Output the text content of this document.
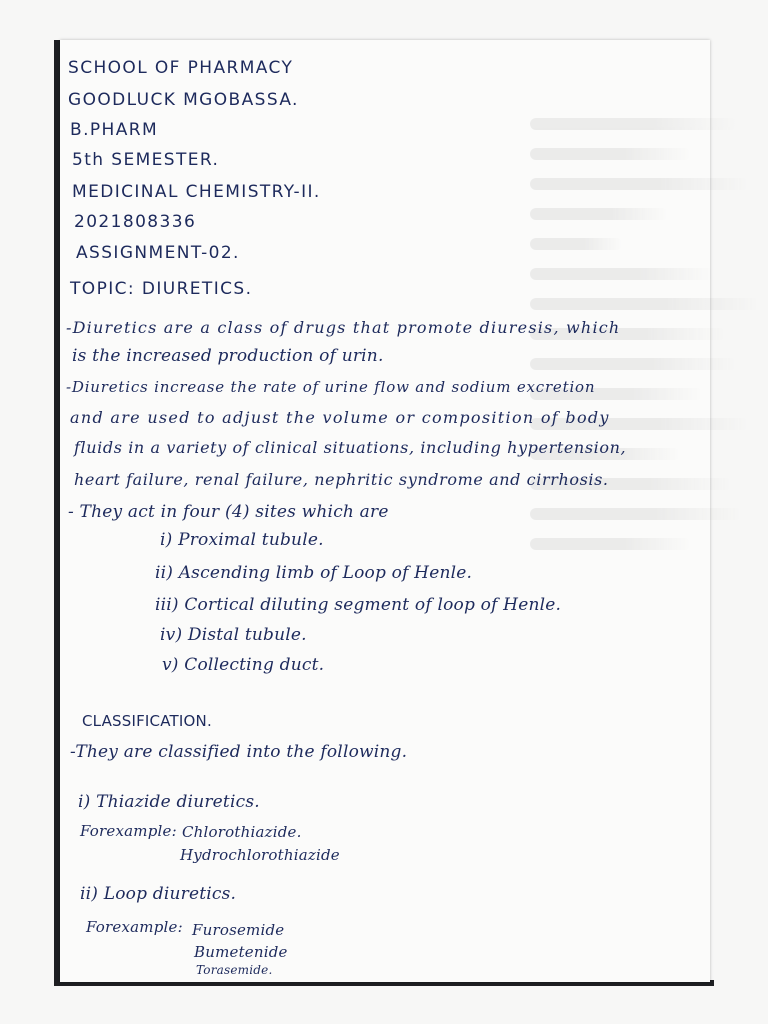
SCHOOL OF PHARMACY
GOODLUCK MGOBASSA.
B.PHARM
5th SEMESTER.
MEDICINAL CHEMISTRY-II.
2021808336
ASSIGNMENT-02.
TOPIC: DIURETICS.
-Diuretics are a class of drugs that promote diuresis, which
is the increased production of urin.
-Diuretics increase the rate of urine flow and sodium excretion
and are used to adjust the volume or composition of body
fluids in a variety of clinical situations, including hypertension,
heart failure, renal failure, nephritic syndrome and cirrhosis.
- They act in four (4) sites which are
i) Proximal tubule.
ii) Ascending limb of Loop of Henle.
iii) Cortical diluting segment of loop of Henle.
iv) Distal tubule.
v) Collecting duct.
CLASSIFICATION.
-They are classified into the following.
i) Thiazide diuretics.
Forexample: Chlorothiazide.
Hydrochlorothiazide
ii) Loop diuretics.
Forexample: Furosemide
Bumetenide
Torasemide.
